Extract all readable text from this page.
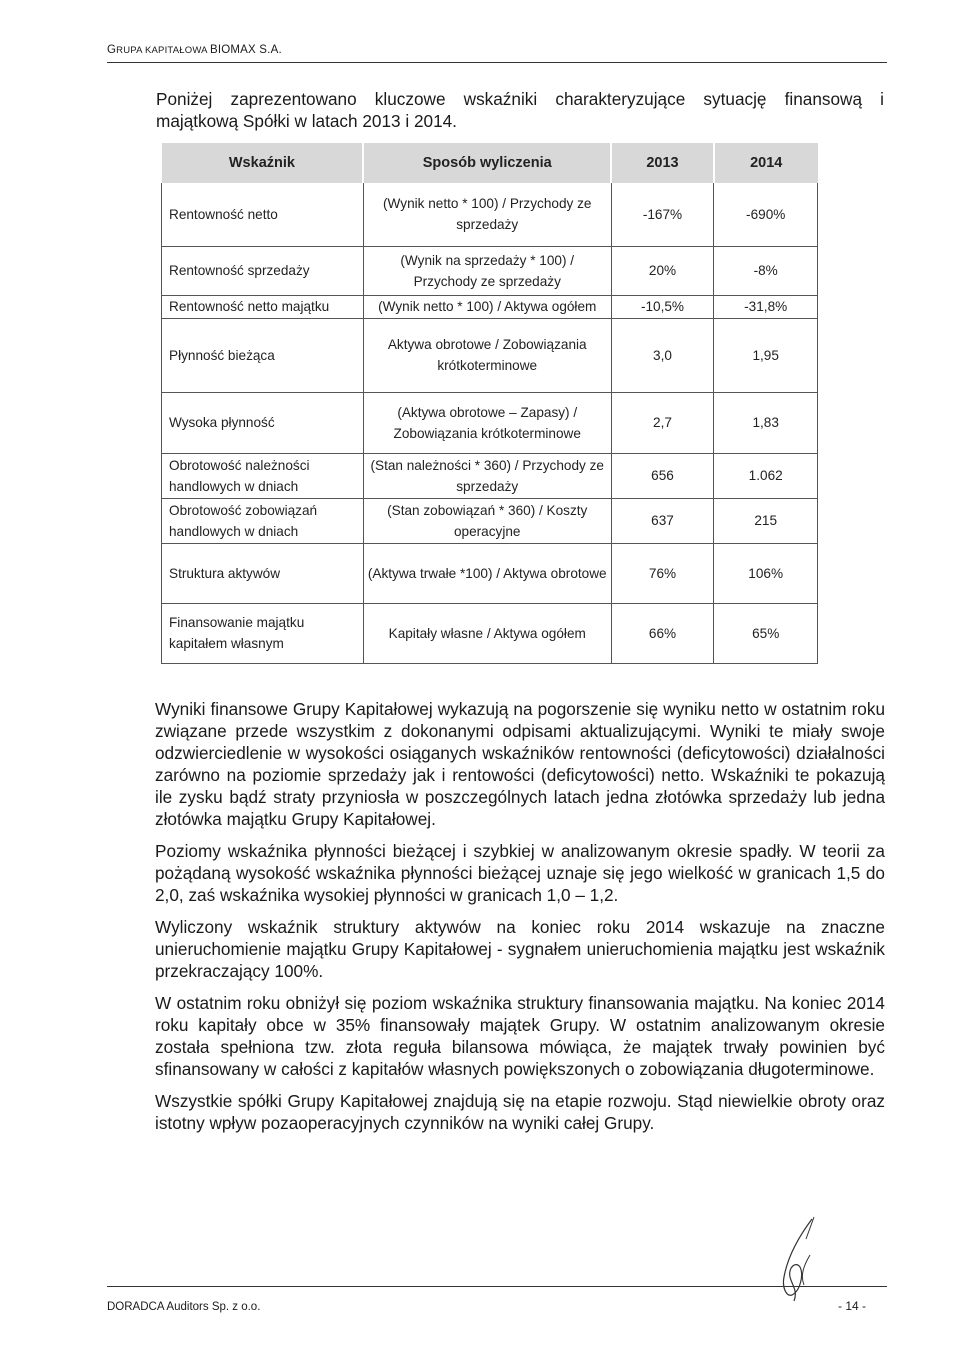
GRUPA KAPITAŁOWA BIOMAX S.A.
Poniżej zaprezentowano kluczowe wskaźniki charakteryzujące sytuację finansową i
majątkową Spółki w latach 2013 i 2014.
Wskaźnik	Sposób wyliczenia	2013	2014
Rentowność netto	(Wynik netto * 100) / Przychody ze sprzedaży	-167%	-690%
Rentowność sprzedaży	(Wynik na sprzedaży * 100) / Przychody ze sprzedaży	20%	-8%
Rentowność netto majątku	(Wynik netto * 100) / Aktywa ogółem	-10,5%	-31,8%
Płynność bieżąca	Aktywa obrotowe / Zobowiązania krótkoterminowe	3,0	1,95
Wysoka płynność	(Aktywa obrotowe – Zapasy) / Zobowiązania krótkoterminowe	2,7	1,83
Obrotowość należności handlowych w dniach	(Stan należności * 360) / Przychody ze sprzedaży	656	1.062
Obrotowość zobowiązań handlowych w dniach	(Stan zobowiązań * 360) / Koszty operacyjne	637	215
Struktura aktywów	(Aktywa trwałe *100) / Aktywa obrotowe	76%	106%
Finansowanie majątku kapitałem własnym	Kapitały własne / Aktywa ogółem	66%	65%

Wyniki finansowe Grupy Kapitałowej wykazują na pogorszenie się wyniku netto w ostatnim roku związane przede wszystkim z dokonanymi odpisami aktualizującymi. Wyniki te miały swoje odzwierciedlenie w wysokości osiąganych wskaźników rentowności (deficytowości) działalności zarówno na poziomie sprzedaży jak i rentowości (deficytowości) netto. Wskaźniki te pokazują ile zysku bądź straty przyniosła w poszczególnych latach jedna złotówka sprzedaży lub jedna złotówka majątku Grupy Kapitałowej.

Poziomy wskaźnika płynności bieżącej i szybkiej w analizowanym okresie spadły. W teorii za pożądaną wysokość wskaźnika płynności bieżącej uznaje się jego wielkość w granicach 1,5 do 2,0, zaś wskaźnika wysokiej płynności w granicach 1,0 – 1,2.

Wyliczony wskaźnik struktury aktywów na koniec roku 2014 wskazuje na znaczne unieruchomienie majątku Grupy Kapitałowej - sygnałem unieruchomienia majątku jest wskaźnik przekraczający 100%.

W ostatnim roku obniżył się poziom wskaźnika struktury finansowania majątku. Na koniec 2014 roku kapitały obce w 35% finansowały majątek Grupy. W ostatnim analizowanym okresie została spełniona tzw. złota reguła bilansowa mówiąca, że majątek trwały powinien być sfinansowany w całości z kapitałów własnych powiększonych o zobowiązania długoterminowe.

Wszystkie spółki Grupy Kapitałowej znajdują się na etapie rozwoju. Stąd niewielkie obroty oraz istotny wpływ pozaoperacyjnych czynników na wyniki całej Grupy.

DORADCA Auditors Sp. z o.o.	- 14 -
